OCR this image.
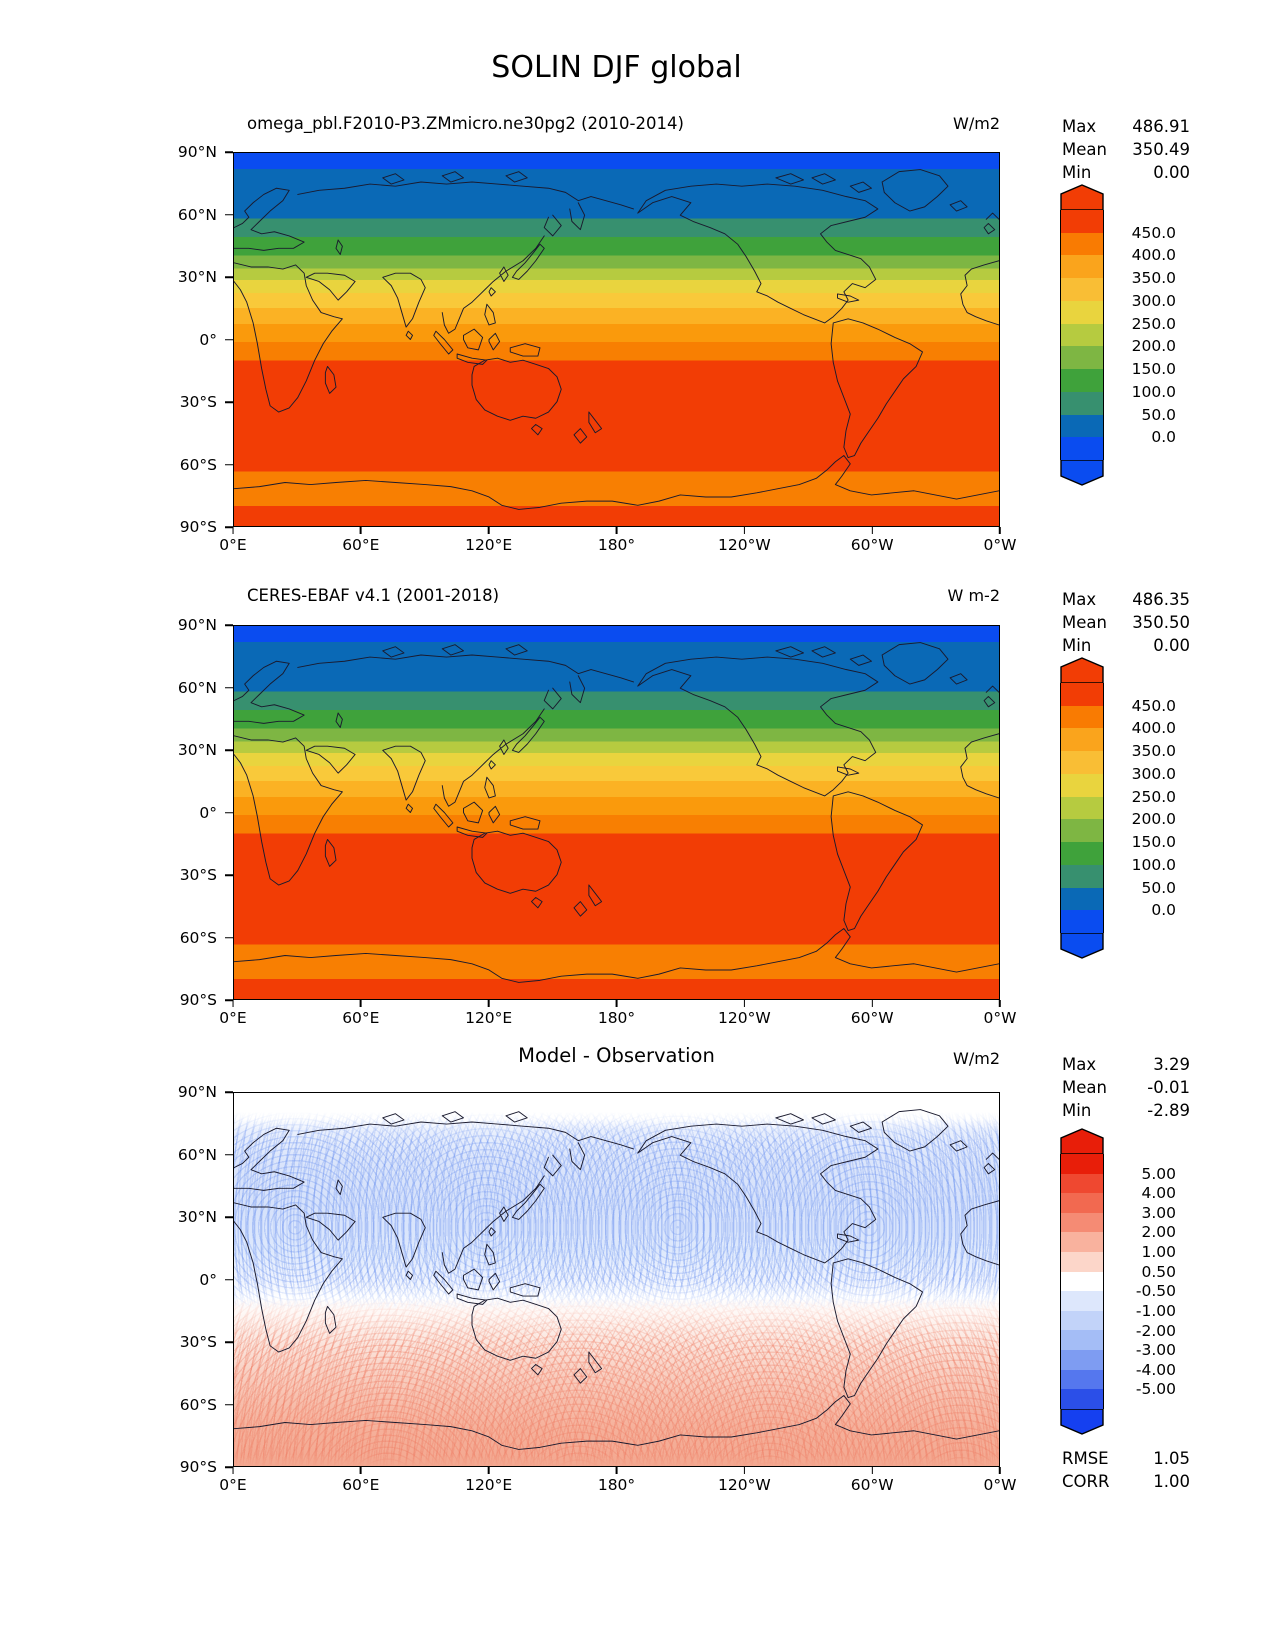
SOLIN DJF global
omega_pbl.F2010-P3.ZMmicro.ne30pg2 (2010-2014)	W/m2
90°N
60°N
30°N
0°
30°S
60°S
90°S
0°E	60°E	120°E	180°	120°W	60°W	0°W
Max 486.91
Mean 350.49
Min	0.00
450.0
400.0
350.0
300.0
250.0
200.0
150.0
100.0
50.0
0.0
CERES-EBAF v4.1 (2001-2018)	W m-2
90°N
60°N
30°N
0°
30°S
60°S
90°S
0°E	60°E	120°E	180°	120°W	60°W	0°W
Max 486.35
Mean 350.50
Min	0.00
450.0
400.0
350.0
300.0
250.0
200.0
150.0
100.0
50.0
0.0
Model - Observation	W/m2
90°N
60°N
30°N
0°
30°S
60°S
90°S
0°E	60°E	120°E	180°	120°W	60°W	0°W
Max	3.29
Mean -0.01
Min	-2.89
5.00
4.00
3.00
2.00
1.00
0.50
-0.50
-1.00
-2.00
-3.00
-4.00
-5.00
RMSE	1.05
CORR	1.00
